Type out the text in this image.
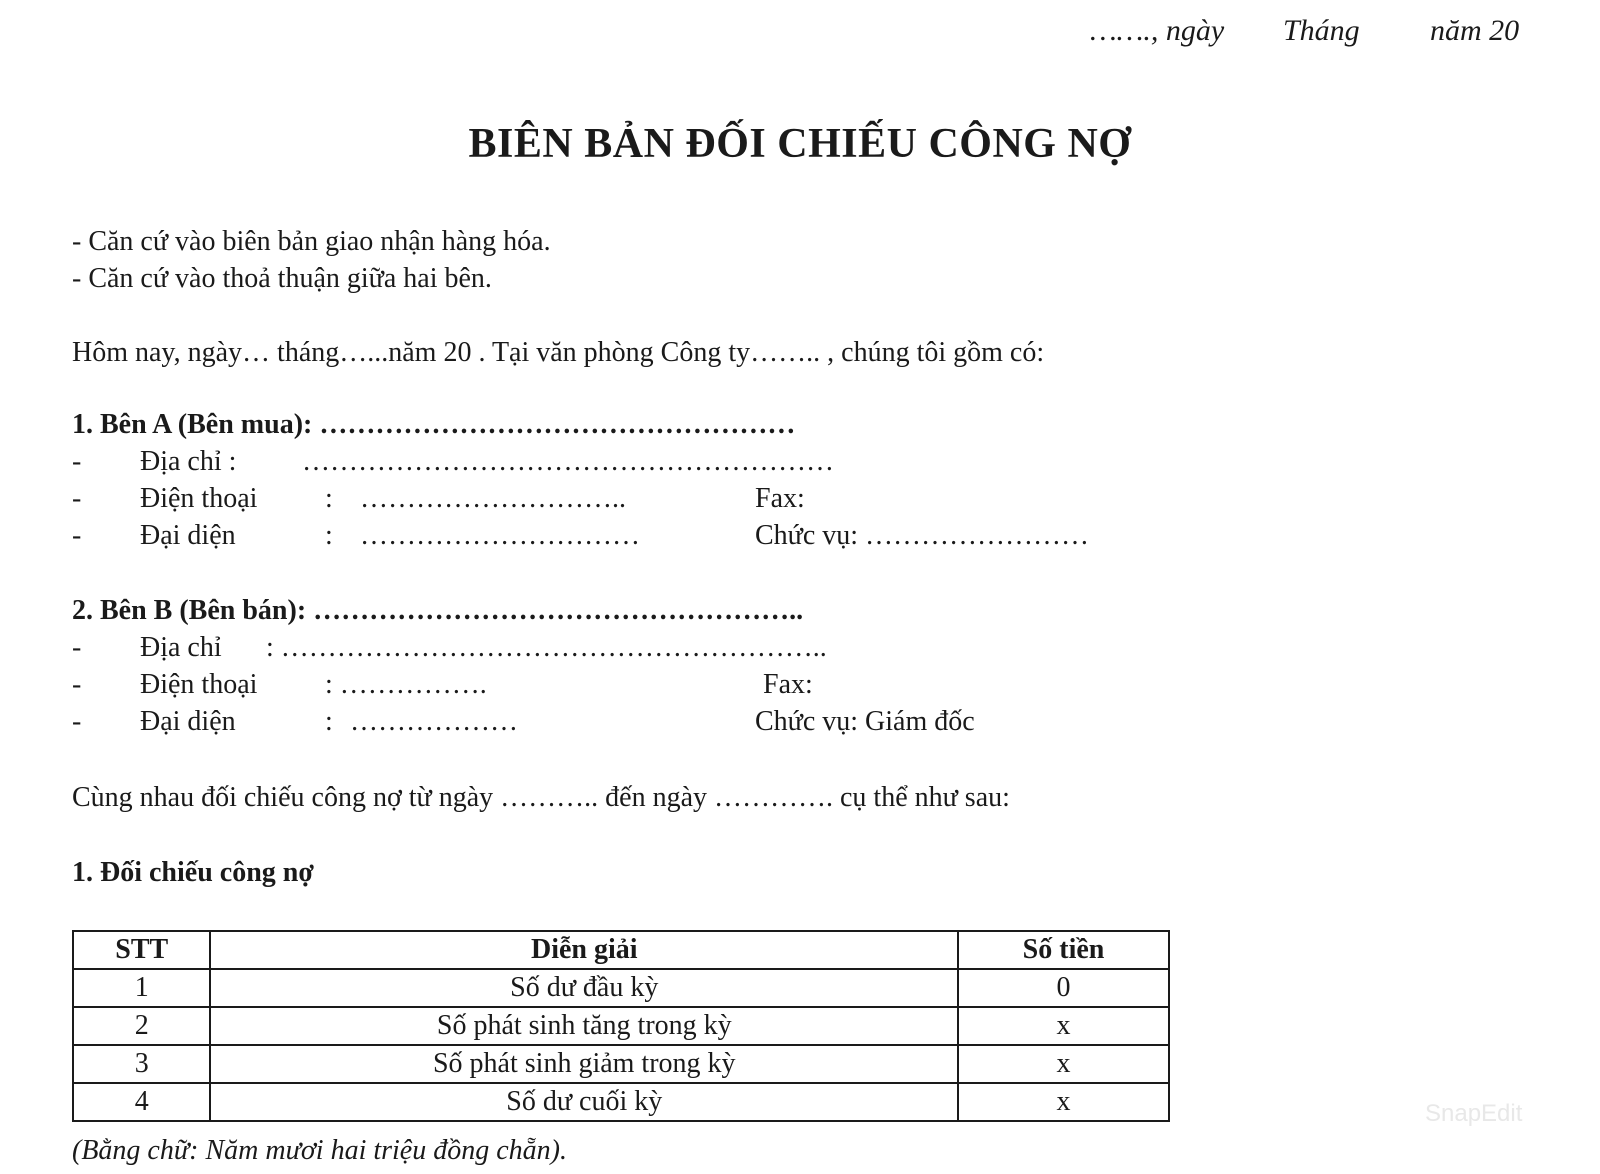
……., ngày Tháng năm 20
BIÊN BẢN ĐỐI CHIẾU CÔNG NỢ
- Căn cứ vào biên bản giao nhận hàng hóa.
- Căn cứ vào thoả thuận giữa hai bên.
Hôm nay, ngày… tháng…...năm 20 . Tại văn phòng Công ty…….. , chúng tôi gồm có:
1. Bên A (Bên mua): ……………………………………………
- Địa chỉ : …………………………………………………
- Điện thoại : ………………………..	Fax:
- Đại diện	: …………………………	Chức vụ: ……………………
2. Bên B (Bên bán): ……………………………………………..
- Địa chỉ : …………………………………………………..
- Điện thoại : …………….	Fax:
- Đại diện	: ………………	Chức vụ: Giám đốc
Cùng nhau đối chiếu công nợ từ ngày ……….. đến ngày …………. cụ thể như sau:
1. Đối chiếu công nợ
STT	Diễn giải	Số tiền
1	Số dư đầu kỳ	0
2	Số phát sinh tăng trong kỳ	x
3	Số phát sinh giảm trong kỳ	x
4	Số dư cuối kỳ	x
(Bằng chữ: Năm mươi hai triệu đồng chẵn).
SnapEdit
